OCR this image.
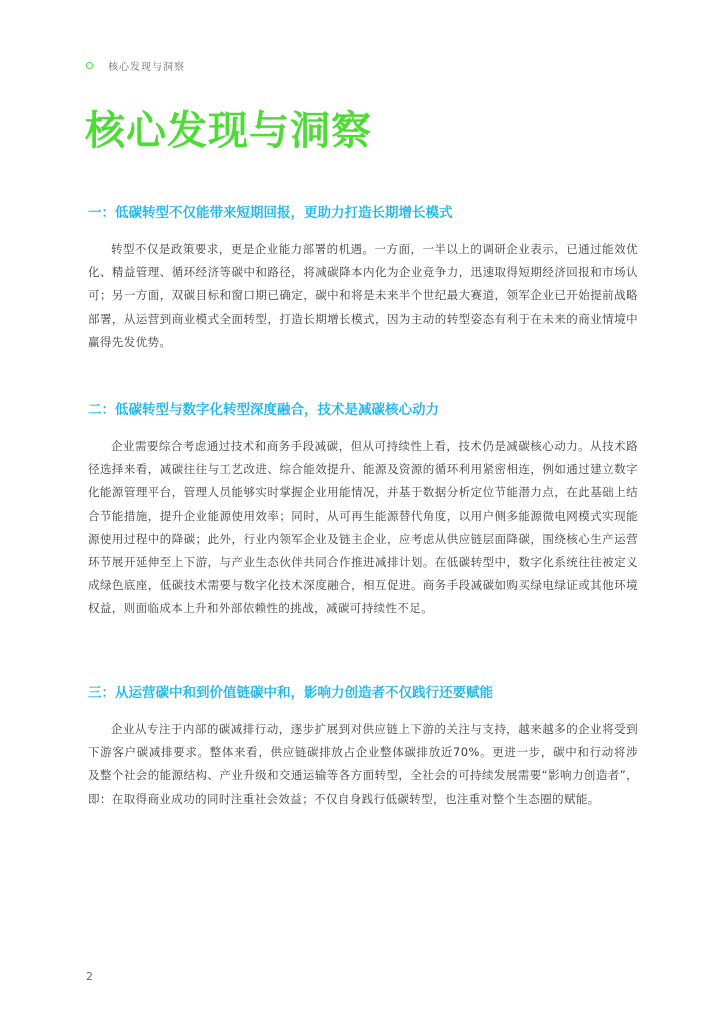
核心发现与洞察
核心发现与洞察
一：低碳转型不仅能带来短期回报，更助力打造长期增长模式

转型不仅是政策要求，更是企业能力部署的机遇。一方面，一半以上的调研企业表示，已通过能效优化、精益管理、循环经济等碳中和路径，将减碳降本内化为企业竞争力，迅速取得短期经济回报和市场认可；另一方面，双碳目标和窗口期已确定，碳中和将是未来半个世纪最大赛道，领军企业已开始提前战略部署，从运营到商业模式全面转型，打造长期增长模式，因为主动的转型姿态有利于在未来的商业情境中赢得先发优势。

二：低碳转型与数字化转型深度融合，技术是减碳核心动力

企业需要综合考虑通过技术和商务手段减碳，但从可持续性上看，技术仍是减碳核心动力。从技术路径选择来看，减碳往往与工艺改进、综合能效提升、能源及资源的循环利用紧密相连，例如通过建立数字化能源管理平台，管理人员能够实时掌握企业用能情况，并基于数据分析定位节能潜力点，在此基础上结合节能措施，提升企业能源使用效率；同时，从可再生能源替代角度，以用户侧多能源微电网模式实现能源使用过程中的降碳；此外，行业内领军企业及链主企业，应考虑从供应链层面降碳，围绕核心生产运营环节展开延伸至上下游，与产业生态伙伴共同合作推进减排计划。在低碳转型中，数字化系统往往被定义成绿色底座，低碳技术需要与数字化技术深度融合，相互促进。商务手段减碳如购买绿电绿证或其他环境权益，则面临成本上升和外部依赖性的挑战，减碳可持续性不足。

三：从运营碳中和到价值链碳中和，影响力创造者不仅践行还要赋能

企业从专注于内部的碳减排行动，逐步扩展到对供应链上下游的关注与支持，越来越多的企业将受到下游客户碳减排要求。整体来看，供应链碳排放占企业整体碳排放近70%。更进一步，碳中和行动将涉及整个社会的能源结构、产业升级和交通运输等各方面转型，全社会的可持续发展需要“影响力创造者”，即：在取得商业成功的同时注重社会效益；不仅自身践行低碳转型，也注重对整个生态圈的赋能。

2
